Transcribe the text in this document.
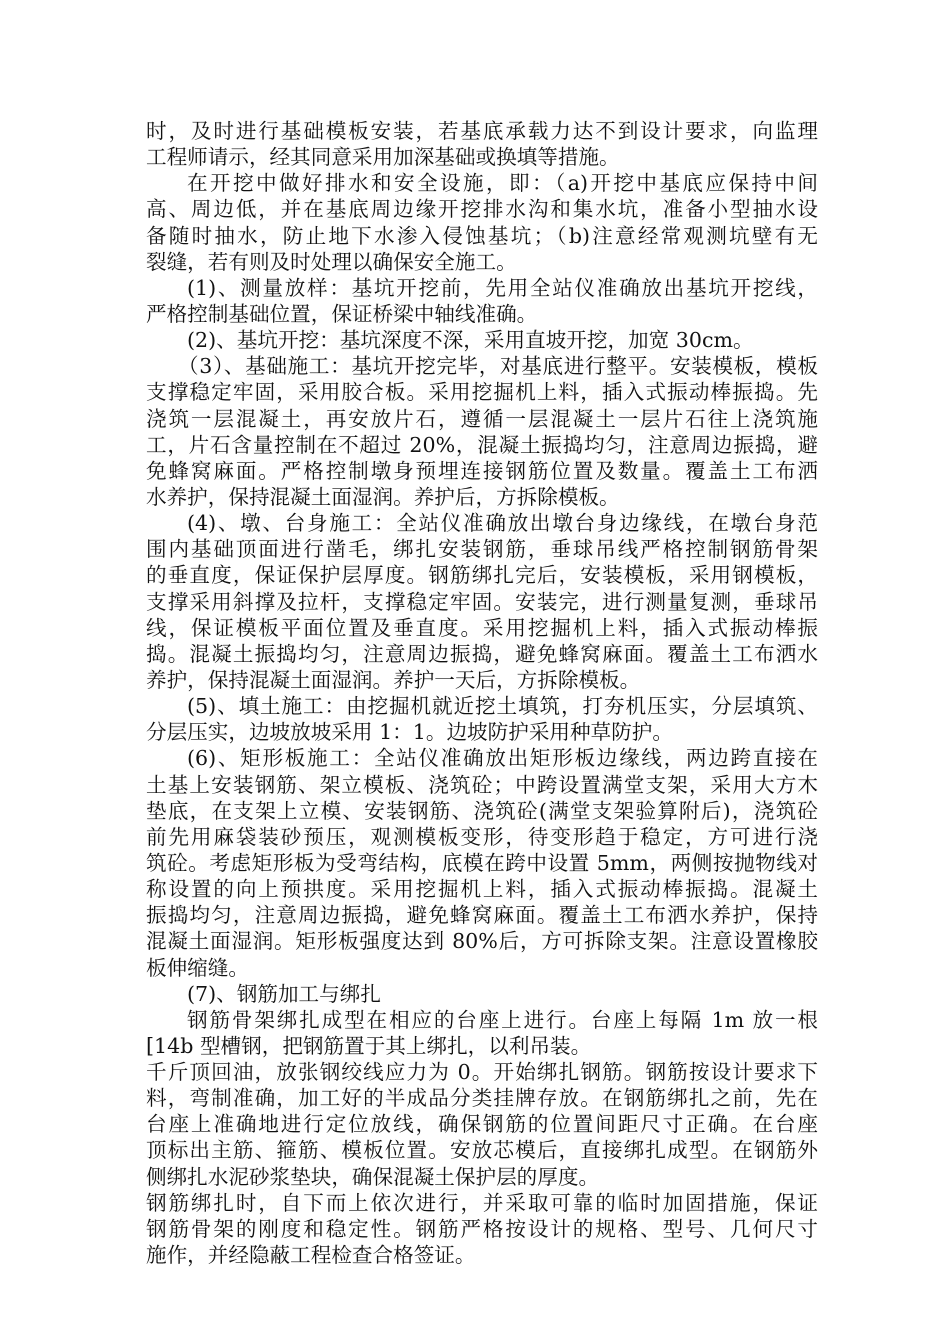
时，及时进行基础模板安装，若基底承载力达不到设计要求，向监理
工程师请示，经其同意采用加深基础或换填等措施。
在开挖中做好排水和安全设施，即：（a)开挖中基底应保持中间
高、周边低，并在基底周边缘开挖排水沟和集水坑，准备小型抽水设
备随时抽水，防止地下水渗入侵蚀基坑；（b)注意经常观测坑壁有无
裂缝，若有则及时处理以确保安全施工。
(1)、测量放样：基坑开挖前，先用全站仪准确放出基坑开挖线，
严格控制基础位置，保证桥梁中轴线准确。
(2)、基坑开挖：基坑深度不深，采用直坡开挖，加宽 30cm。
（3）、基础施工：基坑开挖完毕，对基底进行整平。安装模板，模板
支撑稳定牢固，采用胶合板。采用挖掘机上料，插入式振动棒振捣。先
浇筑一层混凝土，再安放片石，遵循一层混凝土一层片石往上浇筑施
工，片石含量控制在不超过 20%，混凝土振捣均匀，注意周边振捣，避
免蜂窝麻面。严格控制墩身预埋连接钢筋位置及数量。覆盖土工布洒
水养护，保持混凝土面湿润。养护后，方拆除模板。
(4)、墩、台身施工：全站仪准确放出墩台身边缘线，在墩台身范
围内基础顶面进行凿毛，绑扎安装钢筋，垂球吊线严格控制钢筋骨架
的垂直度，保证保护层厚度。钢筋绑扎完后，安装模板，采用钢模板，
支撑采用斜撑及拉杆，支撑稳定牢固。安装完，进行测量复测，垂球吊
线，保证模板平面位置及垂直度。采用挖掘机上料，插入式振动棒振
捣。混凝土振捣均匀，注意周边振捣，避免蜂窝麻面。覆盖土工布洒水
养护，保持混凝土面湿润。养护一天后，方拆除模板。
(5)、填土施工：由挖掘机就近挖土填筑，打夯机压实，分层填筑、
分层压实，边坡放坡采用 1：1。边坡防护采用种草防护。
(6)、矩形板施工：全站仪准确放出矩形板边缘线，两边跨直接在
土基上安装钢筋、架立模板、浇筑砼；中跨设置满堂支架，采用大方木
垫底，在支架上立模、安装钢筋、浇筑砼(满堂支架验算附后)，浇筑砼
前先用麻袋装砂预压，观测模板变形，待变形趋于稳定，方可进行浇
筑砼。考虑矩形板为受弯结构，底模在跨中设置 5mm，两侧按抛物线对
称设置的向上预拱度。采用挖掘机上料，插入式振动棒振捣。混凝土
振捣均匀，注意周边振捣，避免蜂窝麻面。覆盖土工布洒水养护，保持
混凝土面湿润。矩形板强度达到 80%后，方可拆除支架。注意设置橡胶
板伸缩缝。
(7)、钢筋加工与绑扎
钢筋骨架绑扎成型在相应的台座上进行。台座上每隔 1m 放一根
[14b 型槽钢，把钢筋置于其上绑扎，以利吊装。
千斤顶回油，放张钢绞线应力为 0。开始绑扎钢筋。钢筋按设计要求下
料，弯制准确，加工好的半成品分类挂牌存放。在钢筋绑扎之前，先在
台座上准确地进行定位放线，确保钢筋的位置间距尺寸正确。在台座
顶标出主筋、箍筋、模板位置。安放芯模后，直接绑扎成型。在钢筋外
侧绑扎水泥砂浆垫块，确保混凝土保护层的厚度。
钢筋绑扎时，自下而上依次进行，并采取可靠的临时加固措施，保证
钢筋骨架的刚度和稳定性。钢筋严格按设计的规格、型号、几何尺寸
施作，并经隐蔽工程检查合格签证。
